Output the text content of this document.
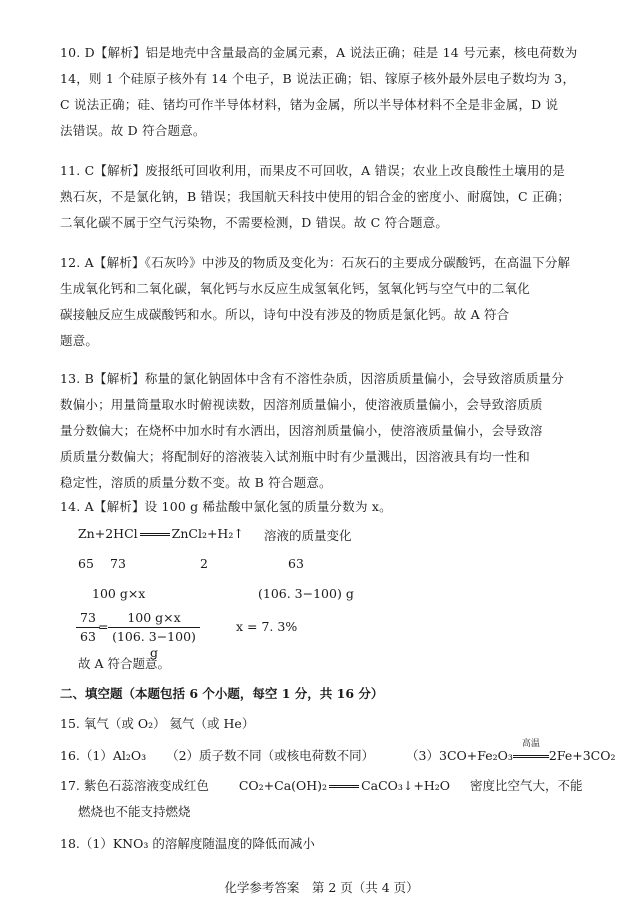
10. D【解析】铝是地壳中含量最高的金属元素，A 说法正确；硅是 14 号元素，核电荷数为

14，则 1 个硅原子核外有 14 个电子，B 说法正确；铝、镓原子核外最外层电子数均为 3，

C 说法正确；硅、锗均可作半导体材料，锗为金属，所以半导体材料不全是非金属，D 说

法错误。故 D 符合题意。

11. C【解析】废报纸可回收利用，而果皮不可回收，A 错误；农业上改良酸性土壤用的是

熟石灰，不是氯化钠，B 错误；我国航天科技中使用的铝合金的密度小、耐腐蚀，C 正确；

二氧化碳不属于空气污染物，不需要检测，D 错误。故 C 符合题意。

12. A【解析】《石灰吟》中涉及的物质及变化为：石灰石的主要成分碳酸钙，在高温下分解

生成氧化钙和二氧化碳，氧化钙与水反应生成氢氧化钙，氢氧化钙与空气中的二氧化

碳接触反应生成碳酸钙和水。所以，诗句中没有涉及的物质是氯化钙。故 A 符合

题意。

13. B【解析】称量的氯化钠固体中含有不溶性杂质，因溶质质量偏小，会导致溶质质量分

数偏小；用量筒量取水时俯视读数，因溶剂质量偏小，使溶液质量偏小，会导致溶质质

量分数偏大；在烧杯中加水时有水洒出，因溶剂质量偏小，使溶液质量偏小，会导致溶

质质量分数偏大；将配制好的溶液装入试剂瓶中时有少量溅出，因溶液具有均一性和

稳定性，溶质的质量分数不变。故 B 符合题意。

14. A【解析】设 100 g 稀盐酸中氯化氢的质量分数为 x。

Zn+2HCl	ZnCl₂+H₂↑ 溶液的质量变化
65 73	2	63
100 g×x	(106. 3−100) g
$\frac{73}{63}$
= $\frac{100 g\times x}{(106. 3-100) g}$	x = 7. 3%
故 A 符合题意。
二、填空题（本题包括 6 个小题，每空 1 分，共 16 分）
15. 氧气（或 O₂） 氦气（或 He）
16.（1）Al₂O₃ （2）质子数不同（或核电荷数不同）	（3）3CO+Fe₂O₃
高温
2Fe+3CO₂
17. 紫色石蕊溶液变成红色 CO₂+Ca(OH)₂	CaCO₃↓+H₂O 密度比空气大，不能
燃烧也不能支持燃烧
18.（1）KNO₃ 的溶解度随温度的降低而减小
化学参考答案　第 2 页（共 4 页）
